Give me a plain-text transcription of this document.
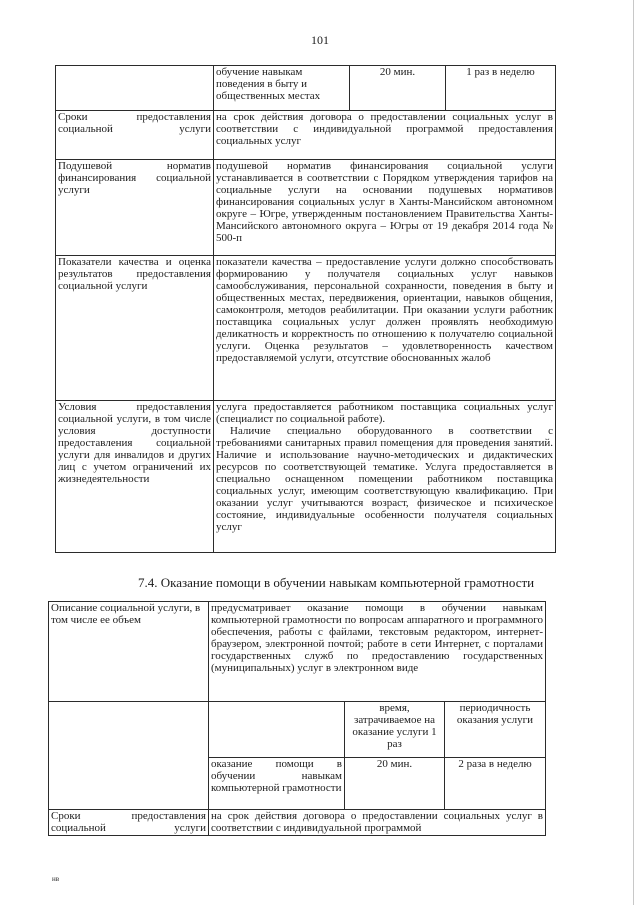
101
	обучение навыкам поведения в быту и общественных местах	20 мин.	1 раз в неделю
Сроки предоставления социальной услуги	на срок действия договора о предоставлении социальных услуг в соответствии с индивидуальной программой предоставления социальных услуг		
Подушевой норматив финансирования социальной услуги	подушевой норматив финансирования социальной услуги устанавливается в соответствии с Порядком утверждения тарифов на социальные услуги на основании подушевых нормативов финансирования социальных услуг в Ханты-Мансийском автономном округе – Югре, утвержденным постановлением Правительства Ханты-Мансийского автономного округа – Югры от 19 декабря 2014 года № 500-п		
Показатели качества и оценка результатов предоставления социальной услуги	показатели качества – предоставление услуги должно способствовать формированию у получателя социальных услуг навыков самообслуживания, персональной сохранности, поведения в быту и общественных местах, передвижения, ориентации, навыков общения, самоконтроля, методов реабилитации. При оказании услуги работник поставщика социальных услуг должен проявлять необходимую деликатность и корректность по отношению к получателю социальной услуги. Оценка результатов – удовлетворенность качеством предоставляемой услуги, отсутствие обоснованных жалоб		
Условия предоставления социальной услуги, в том числе условия доступности предоставления социальной услуги для инвалидов и других лиц с учетом ограничений их жизнедеятельности	услуга предоставляется работником поставщика социальных услуг (специалист по социальной работе).
Наличие специально оборудованного в соответствии с требованиями санитарных правил помещения для проведения занятий. Наличие и использование научно-методических и дидактических ресурсов по соответствующей тематике. Услуга предоставляется в специально оснащенном помещении работником поставщика социальных услуг, имеющим соответствующую квалификацию. При оказании услуг учитываются возраст, физическое и психическое состояние, индивидуальные особенности получателя социальных услуг		
7.4. Оказание помощи в обучении навыкам компьютерной грамотности
Описание социальной услуги, в том числе ее объем	предусматривает оказание помощи в обучении навыкам компьютерной грамотности по вопросам аппаратного и программного обеспечения, работы с файлами, текстовым редактором, интернет-браузером, электронной почтой; работе в сети Интернет, с порталами государственных служб по предоставлению государственных (муниципальных) услуг в электронном виде		
		время, затрачиваемое на оказание услуги 1 раз	периодичность оказания услуги
	оказание помощи в обучении навыкам компьютерной грамотности	20 мин.	2 раза в неделю
Сроки предоставления социальной услуги	на срок действия договора о предоставлении социальных услуг в соответствии с индивидуальной программой		
нв
